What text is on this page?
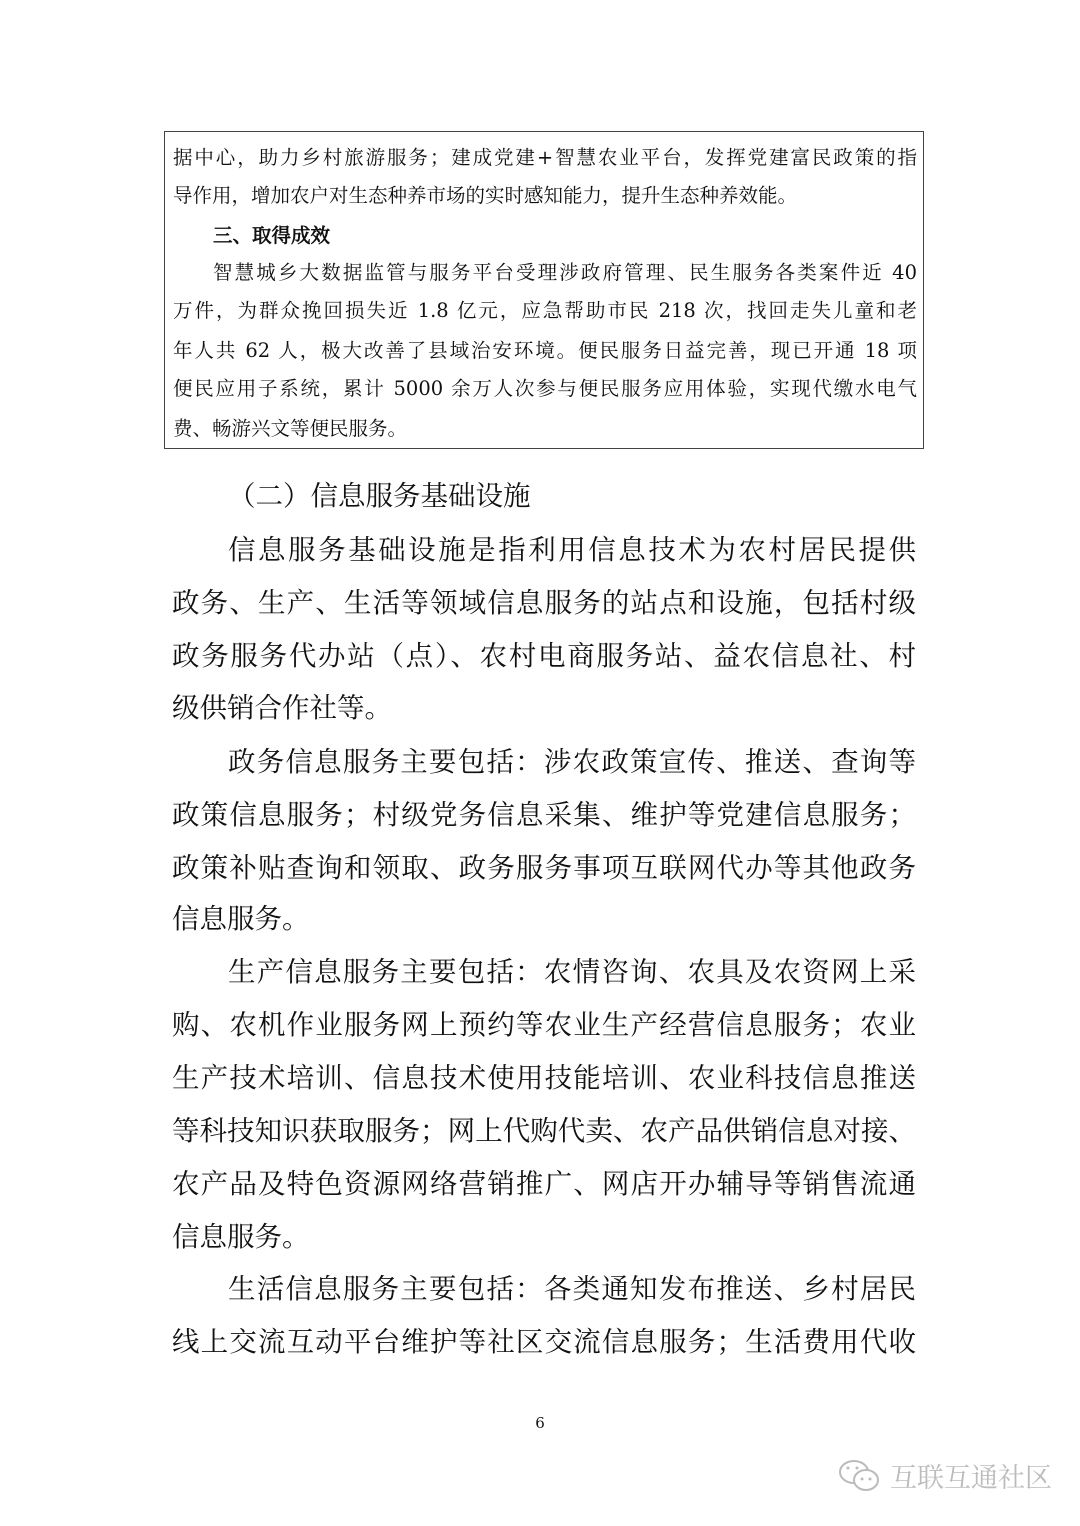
据中心，助力乡村旅游服务；建成党建+智慧农业平台，发挥党建富民政策的指
导作用，增加农户对生态种养市场的实时感知能力，提升生态种养效能。
三、取得成效
智慧城乡大数据监管与服务平台受理涉政府管理、民生服务各类案件近 40
万件，为群众挽回损失近 1.8 亿元，应急帮助市民 218 次，找回走失儿童和老
年人共 62 人，极大改善了县域治安环境。便民服务日益完善，现已开通 18 项
便民应用子系统，累计 5000 余万人次参与便民服务应用体验，实现代缴水电气
费、畅游兴文等便民服务。
（二）信息服务基础设施
信息服务基础设施是指利用信息技术为农村居民提供
政务、生产、生活等领域信息服务的站点和设施，包括村级
政务服务代办站（点）、农村电商服务站、益农信息社、村
级供销合作社等。
政务信息服务主要包括：涉农政策宣传、推送、查询等
政策信息服务；村级党务信息采集、维护等党建信息服务；
政策补贴查询和领取、政务服务事项互联网代办等其他政务
信息服务。
生产信息服务主要包括：农情咨询、农具及农资网上采
购、农机作业服务网上预约等农业生产经营信息服务；农业
生产技术培训、信息技术使用技能培训、农业科技信息推送
等科技知识获取服务；网上代购代卖、农产品供销信息对接、
农产品及特色资源网络营销推广、网店开办辅导等销售流通
信息服务。
生活信息服务主要包括：各类通知发布推送、乡村居民
线上交流互动平台维护等社区交流信息服务；生活费用代收
6
互联互通社区
